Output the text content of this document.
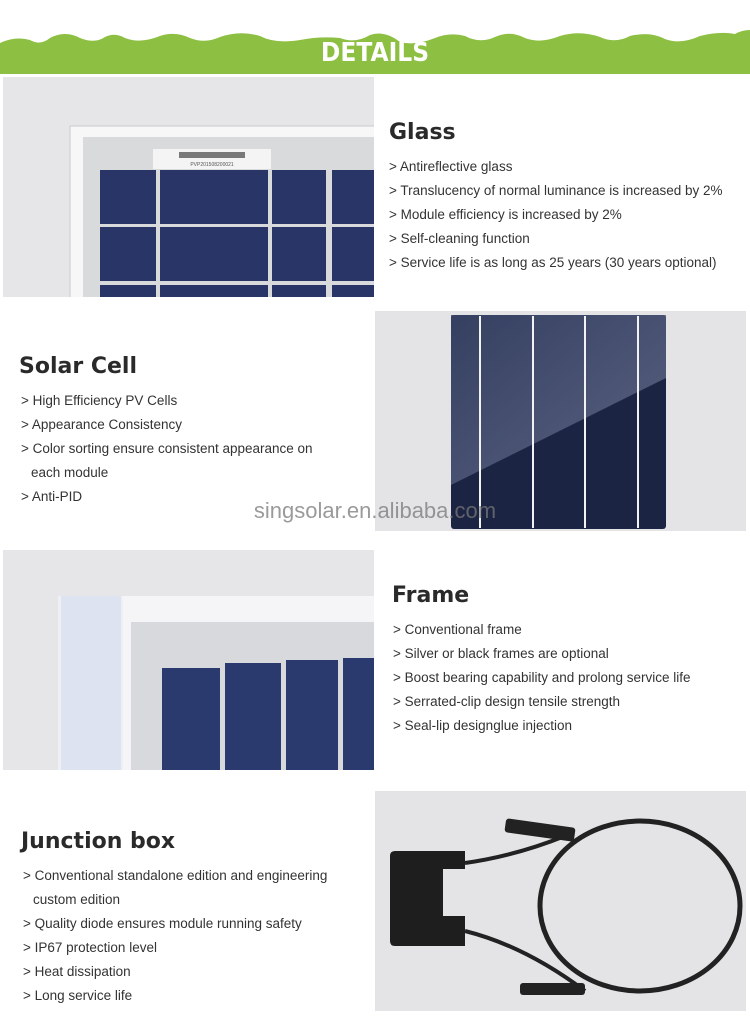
DETAILS
PVP201508200021
Glass
> Antireflective glass
> Translucency of normal luminance is increased by 2%
> Module efficiency is increased by 2%
> Self-cleaning function
> Service life is as long as 25 years (30 years optional)
Solar Cell
> High Efficiency PV Cells
> Appearance Consistency
> Color sorting ensure consistent appearance on
each module
> Anti-PID
singsolar.en.alibaba.com
Frame
> Conventional frame
> Silver or black frames are optional
> Boost bearing capability and prolong service life
> Serrated-clip design tensile strength
> Seal-lip designglue injection
Junction box
> Conventional standalone edition and engineering
custom edition
> Quality diode ensures module running safety
> IP67 protection level
> Heat dissipation
> Long service life
